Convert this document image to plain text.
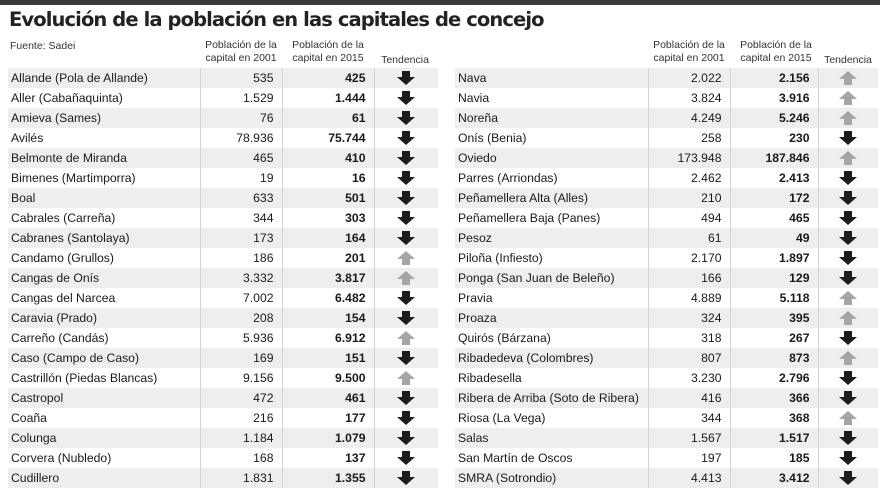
Evolución de la población en las capitales de concejo
Fuente: Sadei	Población de la capital en 2001
Población de la capital en 2015	Tendencia
Población de la capital en 2001
Población de la capital en 2015	Tendencia
Allande (Pola de Allande)	535	425	
Aller (Cabañaquinta)	1.529	1.444	
Amieva (Sames)	76	61	
Avilés	78.936	75.744	
Belmonte de Miranda	465	410	
Bimenes (Martimporra)	19	16	
Boal	633	501	
Cabrales (Carreña)	344	303	
Cabranes (Santolaya)	173	164	
Candamo (Grullos)	186	201	
Cangas de Onís	3.332	3.817	
Cangas del Narcea	7.002	6.482	
Caravia (Prado)	208	154	
Carreño (Candás)	5.936	6.912	
Caso (Campo de Caso)	169	151	
Castrillón (Piedas Blancas)	9.156	9.500	
Castropol	472	461	
Coaña	216	177	
Colunga	1.184	1.079	
Corvera (Nubledo)	168	137	
Cudillero	1.831	1.355	
Nava	2.022	2.156	
Navia	3.824	3.916	
Noreña	4.249	5.246	
Onís (Benia)	258	230	
Oviedo	173.948	187.846	
Parres (Arriondas)	2.462	2.413	
Peñamellera Alta (Alles)	210	172	
Peñamellera Baja (Panes)	494	465	
Pesoz	61	49	
Piloña (Infiesto)	2.170	1.897	
Ponga (San Juan de Beleño)	166	129	
Pravia	4.889	5.118	
Proaza	324	395	
Quirós (Bárzana)	318	267	
Ribadedeva (Colombres)	807	873	
Ribadesella	3.230	2.796	
Ribera de Arriba (Soto de Ribera)	416	366	
Riosa (La Vega)	344	368	
Salas	1.567	1.517	
San Martín de Oscos	197	185	
SMRA (Sotrondio)	4.413	3.412	
